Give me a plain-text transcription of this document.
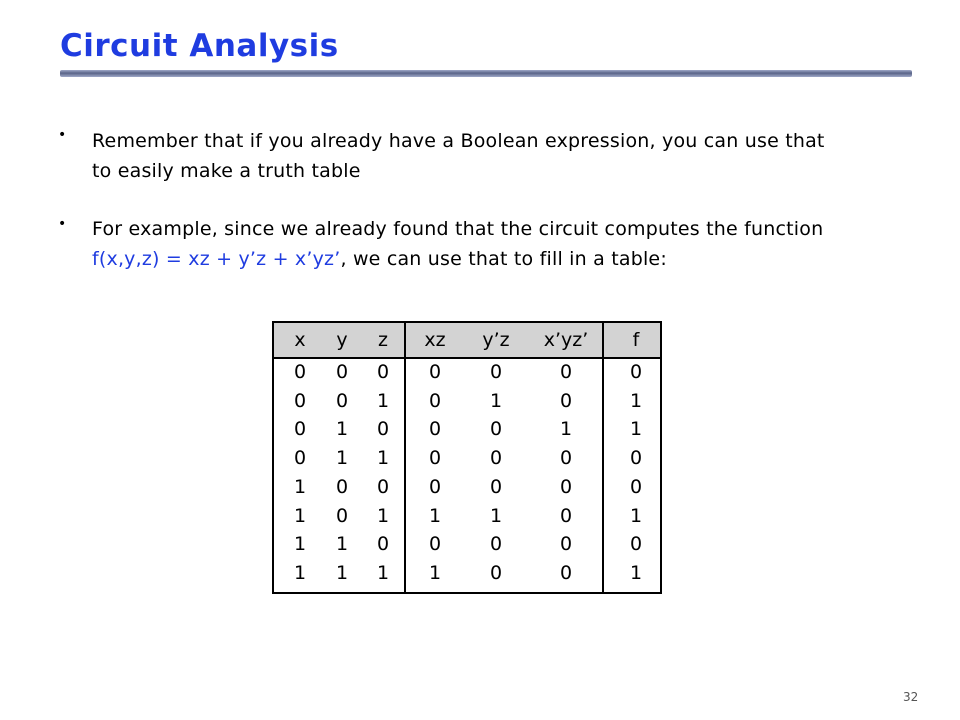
Circuit Analysis
• Remember that if you already have a Boolean expression, you can use that
to easily make a truth table
• For example, since we already found that the circuit computes the function
f(x,y,z) = xz + y’z + x’yz’, we can use that to fill in a table:
x	y	z	xz	y’z	x’yz’	f
0	0	0	0	0	0	0
0	0	1	0	1	0	1
0	1	0	0	0	1	1
0	1	1	0	0	0	0
1	0	0	0	0	0	0
1	0	1	1	1	0	1
1	1	0	0	0	0	0
1	1	1	1	0	0	1
32
